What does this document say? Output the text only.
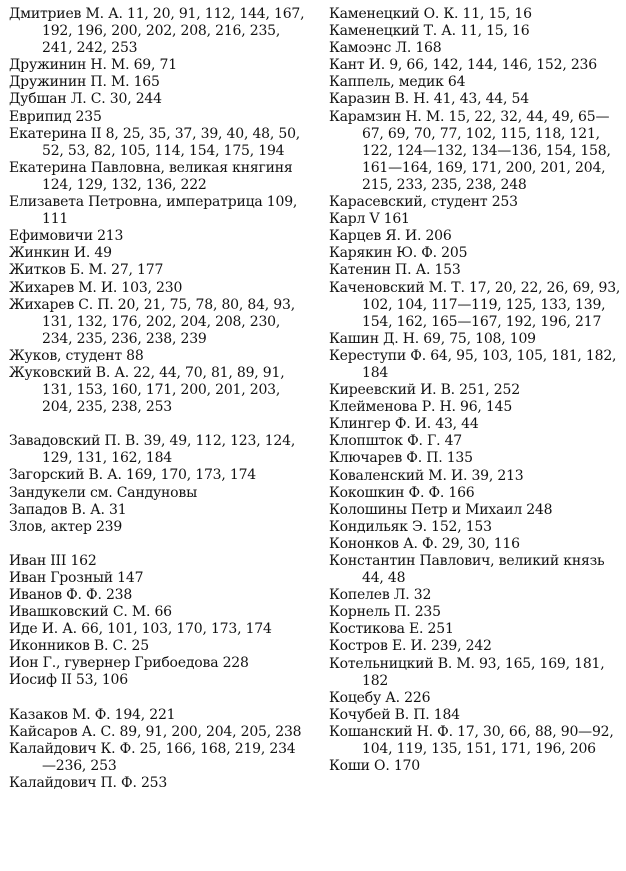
Дмитриев М. А. 11, 20, 91, 112, 144, 167, 192, 196, 200, 202, 208, 216, 235, 241, 242, 253

Дружинин Н. М. 69, 71

Дружинин П. М. 165

Дубшан Л. С. 30, 244

Еврипид 235

Екатерина II 8, 25, 35, 37, 39, 40, 48, 50, 52, 53, 82, 105, 114, 154, 175, 194

Екатерина Павловна, великая княгиня 124, 129, 132, 136, 222

Елизавета Петровна, императрица 109, 111

Ефимовичи 213

Жинкин И. 49

Житков Б. М. 27, 177

Жихарев М. И. 103, 230

Жихарев С. П. 20, 21, 75, 78, 80, 84, 93, 131, 132, 176, 202, 204, 208, 230, 234, 235, 236, 238, 239

Жуков, студент 88

Жуковский В. А. 22, 44, 70, 81, 89, 91, 131, 153, 160, 171, 200, 201, 203, 204, 235, 238, 253

Завадовский П. В. 39, 49, 112, 123, 124, 129, 131, 162, 184

Загорский В. А. 169, 170, 173, 174

Зандукели см. Сандуновы

Западов В. А. 31

Злов, актер 239

Иван III 162

Иван Грозный 147

Иванов Ф. Ф. 238

Ивашковский С. М. 66

Иде И. А. 66, 101, 103, 170, 173, 174

Иконников В. С. 25

Ион Г., гувернер Грибоедова 228

Иосиф II 53, 106

Казаков М. Ф. 194, 221

Кайсаров А. С. 89, 91, 200, 204, 205, 238

Калайдович К. Ф. 25, 166, 168, 219, 234—236, 253

Калайдович П. Ф. 253

Каменецкий О. К. 11, 15, 16

Каменецкий Т. А. 11, 15, 16

Камоэнс Л. 168

Кант И. 9, 66, 142, 144, 146, 152, 236

Каппель, медик 64

Каразин В. Н. 41, 43, 44, 54

Карамзин Н. М. 15, 22, 32, 44, 49, 65—67, 69, 70, 77, 102, 115, 118, 121, 122, 124—132, 134—136, 154, 158, 161—164, 169, 171, 200, 201, 204, 215, 233, 235, 238, 248

Карасевский, студент 253

Карл V 161

Карцев Я. И. 206

Карякин Ю. Ф. 205

Катенин П. А. 153

Каченовский М. Т. 17, 20, 22, 26, 69, 93, 102, 104, 117—119, 125, 133, 139, 154, 162, 165—167, 192, 196, 217

Кашин Д. Н. 69, 75, 108, 109

Кереступи Ф. 64, 95, 103, 105, 181, 182, 184

Киреевский И. В. 251, 252

Клейменова Р. Н. 96, 145

Клингер Ф. И. 43, 44

Клопшток Ф. Г. 47

Ключарев Ф. П. 135

Коваленский М. И. 39, 213

Кокошкин Ф. Ф. 166

Колошины Петр и Михаил 248

Кондильяк Э. 152, 153

Кононков А. Ф. 29, 30, 116

Константин Павлович, великий князь 44, 48

Копелев Л. 32

Корнель П. 235

Костикова Е. 251

Костров Е. И. 239, 242

Котельницкий В. М. 93, 165, 169, 181, 182

Коцебу А. 226

Кочубей В. П. 184

Кошанский Н. Ф. 17, 30, 66, 88, 90—92, 104, 119, 135, 151, 171, 196, 206

Коши О. 170
